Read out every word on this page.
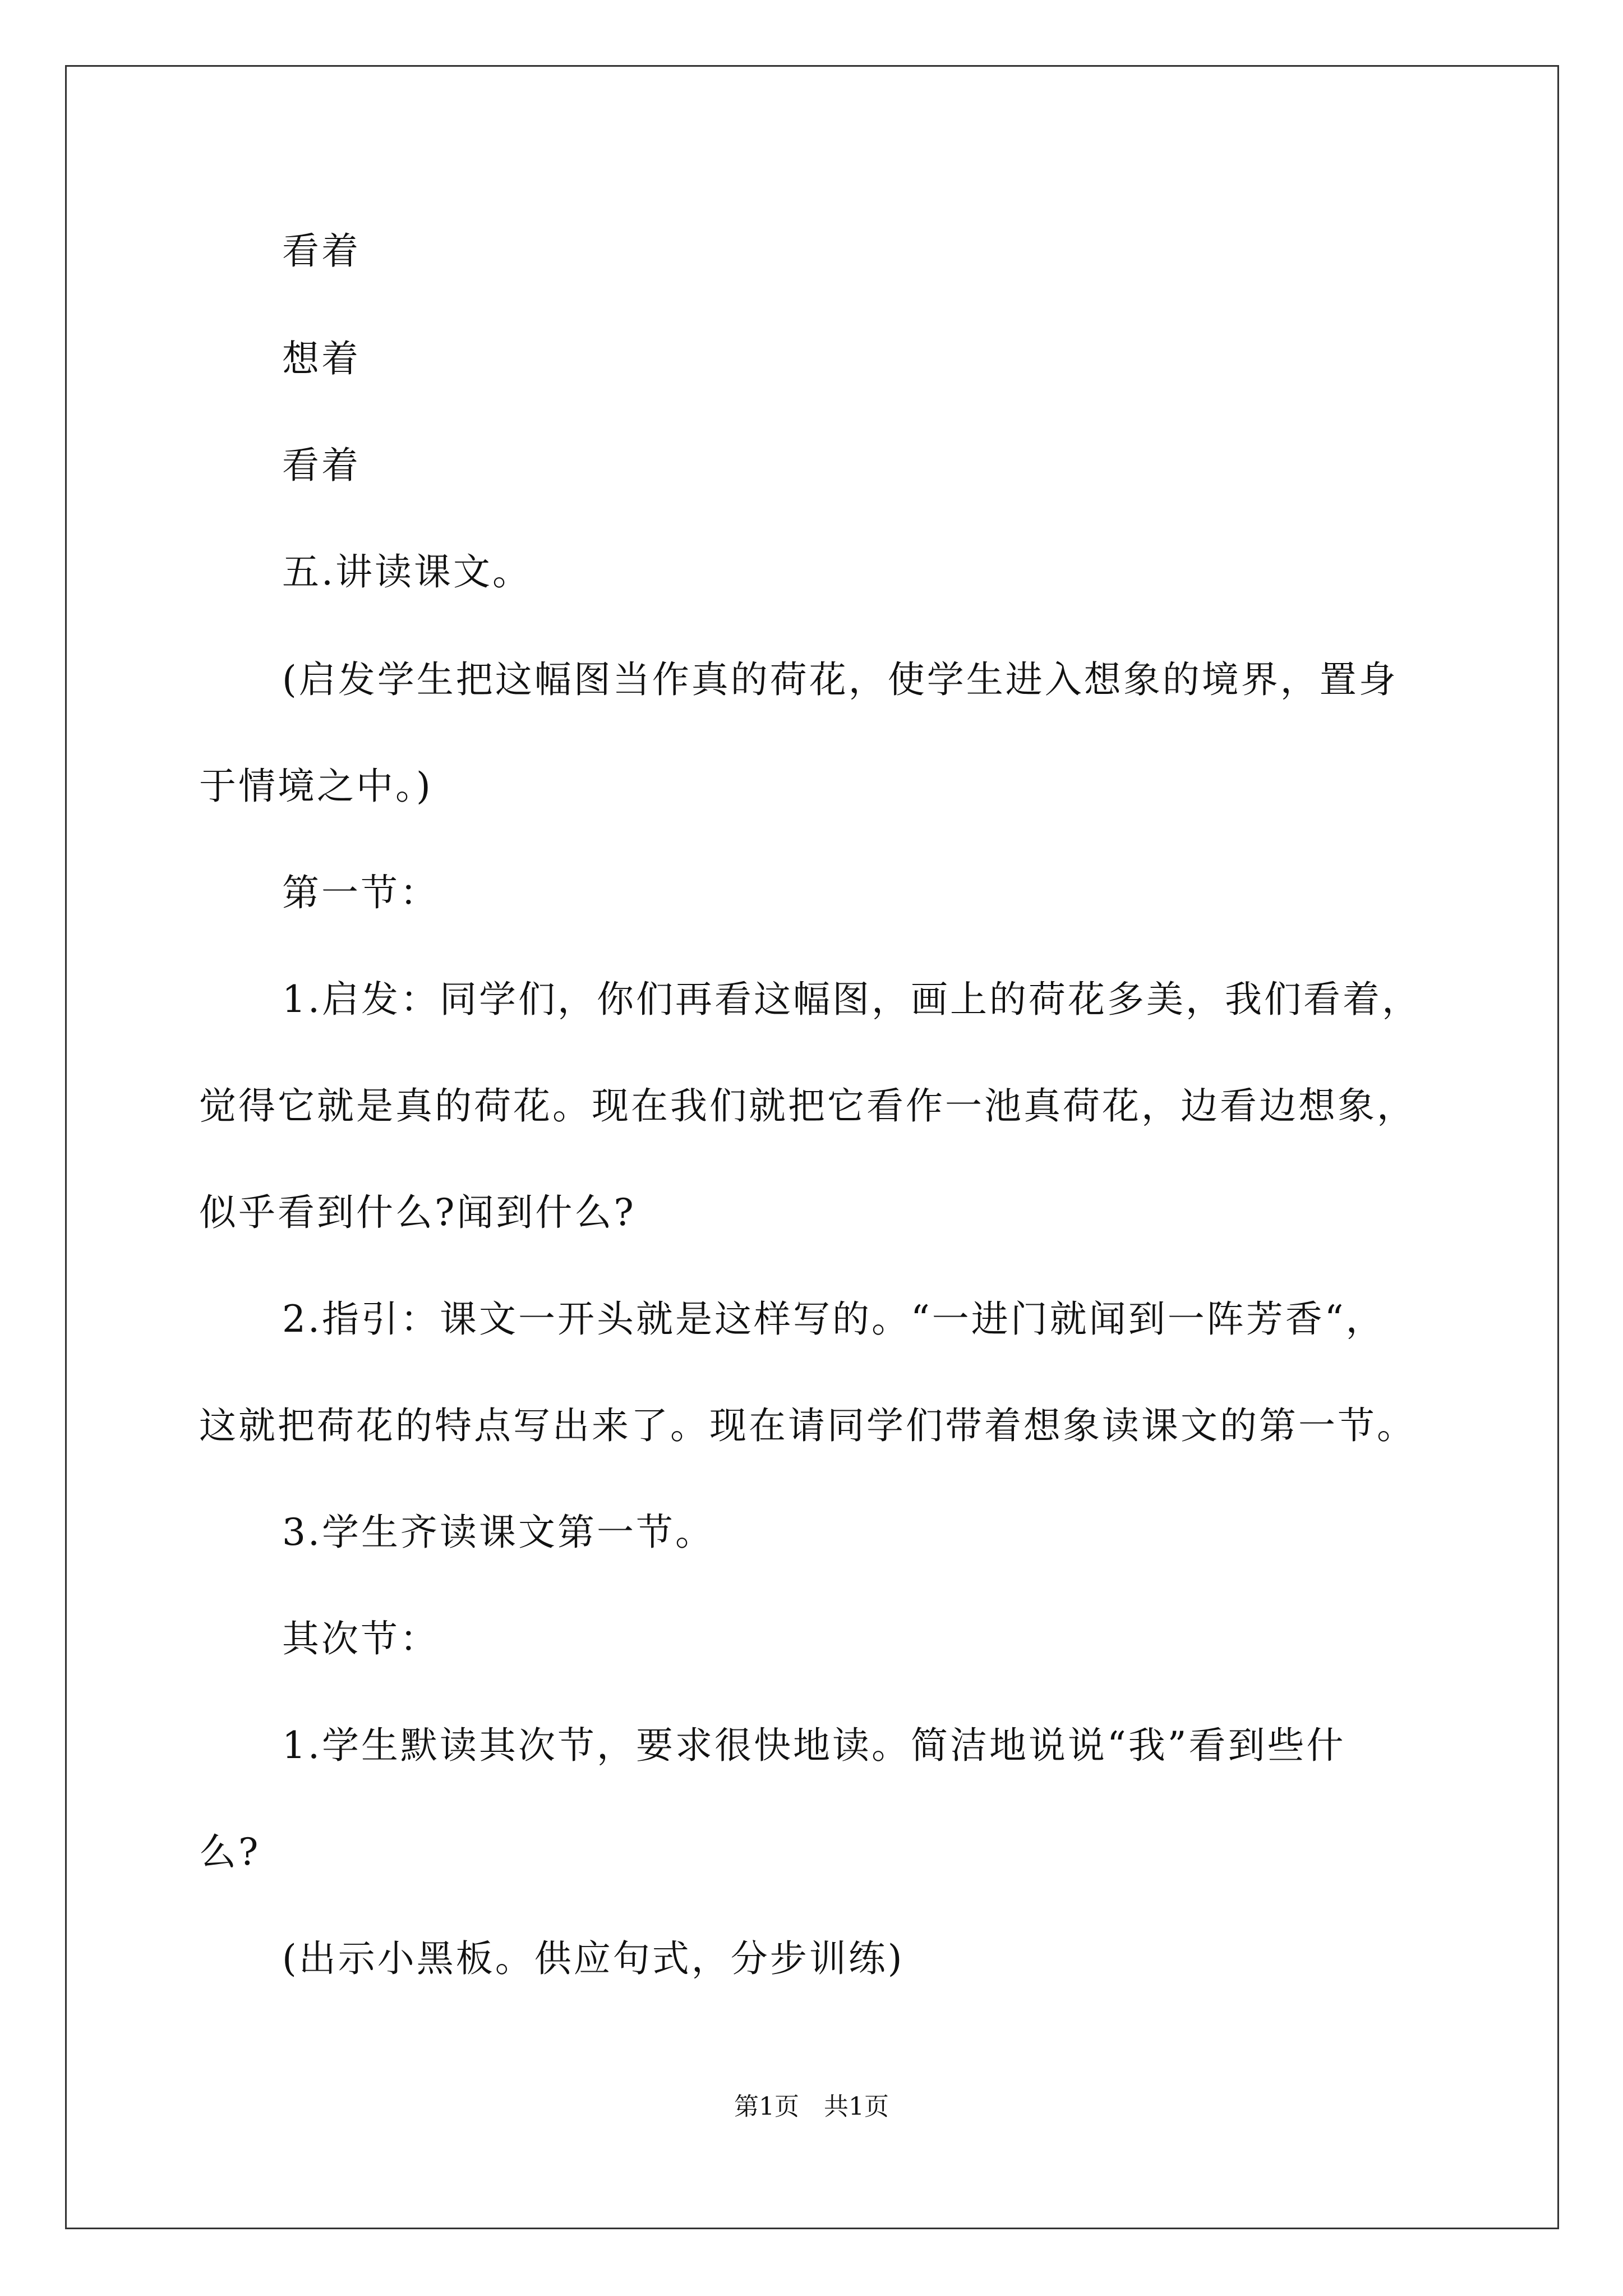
看着
想着
看着
五.讲读课文。
(启发学生把这幅图当作真的荷花，使学生进入想象的境界，置身
于情境之中。)
第一节：
1.启发：同学们，你们再看这幅图，画上的荷花多美，我们看着，
觉得它就是真的荷花。现在我们就把它看作一池真荷花，边看边想象，
似乎看到什么?闻到什么?
2.指引：课文一开头就是这样写的。“一进门就闻到一阵芳香“，
这就把荷花的特点写出来了。现在请同学们带着想象读课文的第一节。
3.学生齐读课文第一节。
其次节：
1.学生默读其次节，要求很快地读。简洁地说说“我”看到些什
么?
(出示小黑板。供应句式，分步训练)
第1页　共1页
